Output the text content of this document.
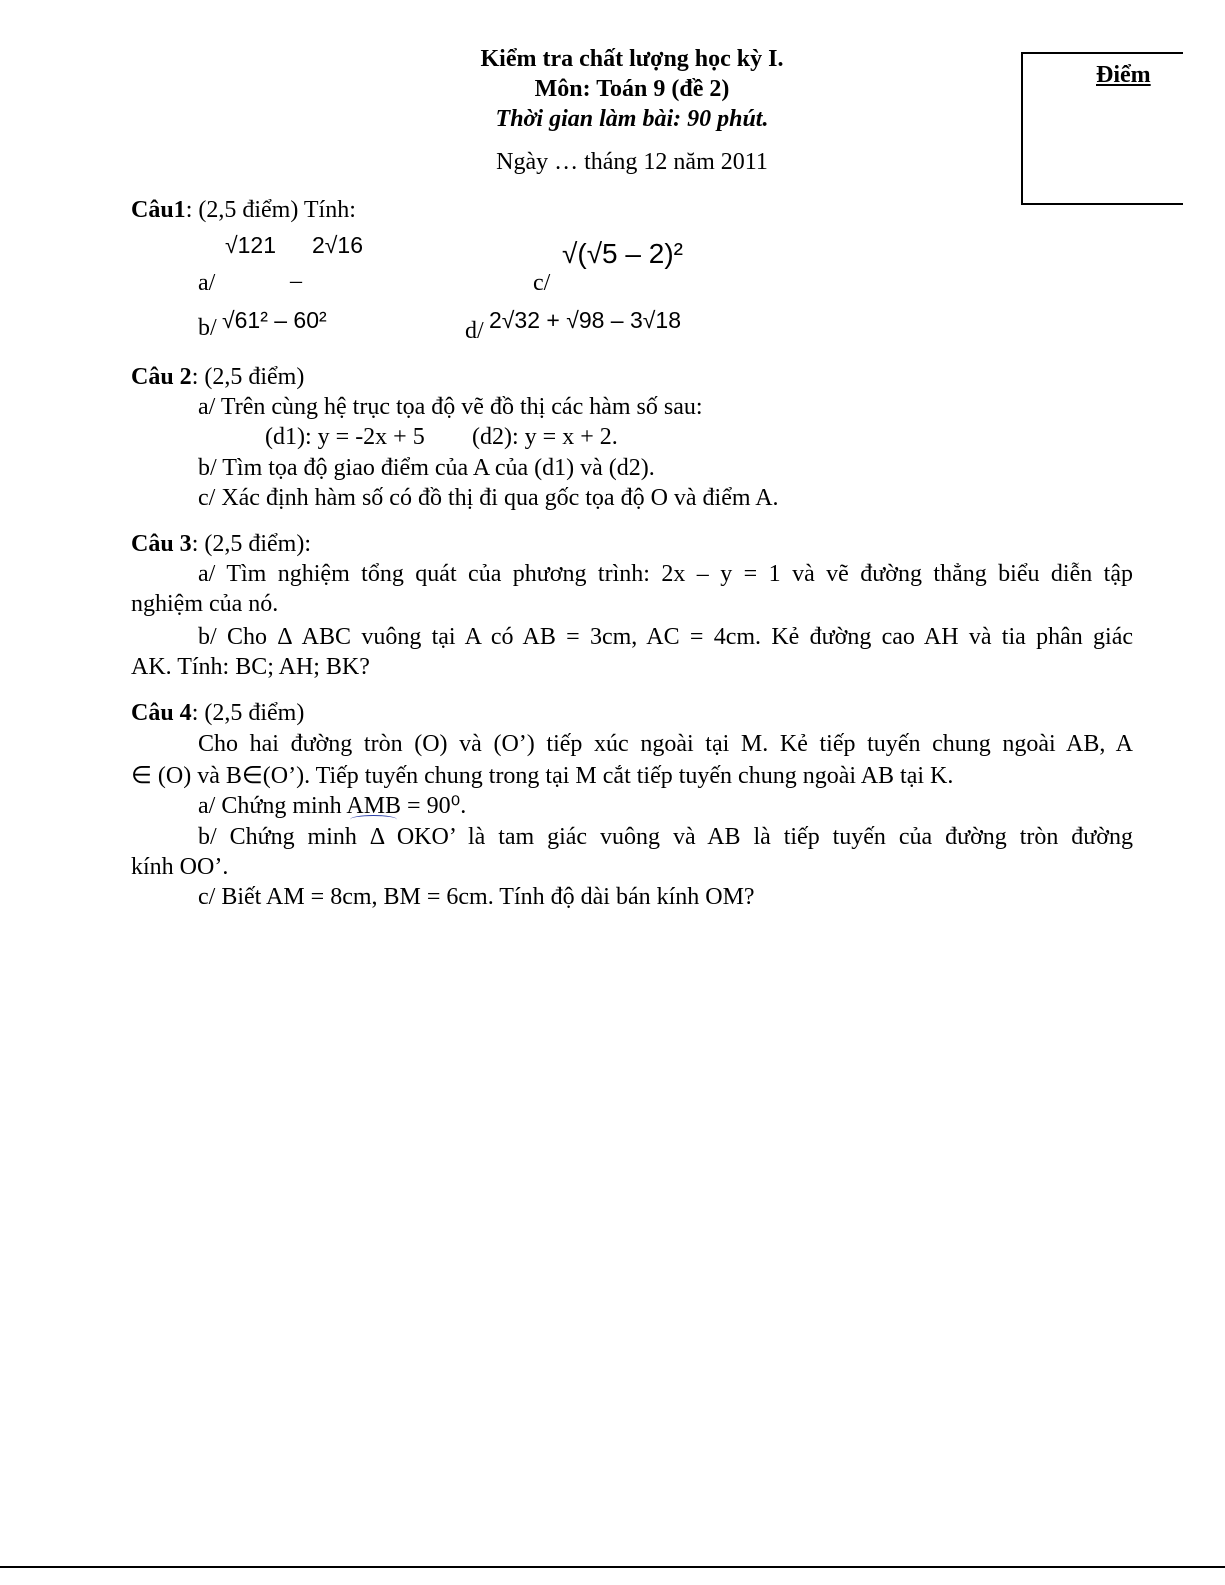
Kiểm tra chất lượng học kỳ I.
Môn: Toán 9 (đề 2)
Thời gian làm bài: 90 phút.
Ngày … tháng 12 năm 2011
Điểm
Câu1: (2,5 điểm) Tính:
√121 2√16
a/	–	c/
√(√5 – 2)²
b/ √61² – 60²	d/ 2√32 + √98 – 3√18
Câu 2: (2,5 điểm)
a/ Trên cùng hệ trục tọa độ vẽ đồ thị các hàm số sau:
(d1): y = -2x + 5 (d2): y = x + 2.
b/ Tìm tọa độ giao điểm của A của (d1) và (d2).
c/ Xác định hàm số có đồ thị đi qua gốc tọa độ O và điểm A.
Câu 3: (2,5 điểm):
a/ Tìm nghiệm tổng quát của phương trình: 2x – y = 1 và vẽ đường thẳng biểu diễn tập
nghiệm của nó.
b/ Cho Δ ABC vuông tại A có AB = 3cm, AC = 4cm. Kẻ đường cao AH và tia phân giác
AK. Tính: BC; AH; BK?
Câu 4: (2,5 điểm)
Cho hai đường tròn (O) và (O’) tiếp xúc ngoài tại M. Kẻ tiếp tuyến chung ngoài AB, A
∈ (O) và B∈(O’). Tiếp tuyến chung trong tại M cắt tiếp tuyến chung ngoài AB tại K.
a/ Chứng minh AMB = 90⁰.
b/ Chứng minh Δ OKO’ là tam giác vuông và AB là tiếp tuyến của đường tròn đường
kính OO’.
c/ Biết AM = 8cm, BM = 6cm. Tính độ dài bán kính OM?
